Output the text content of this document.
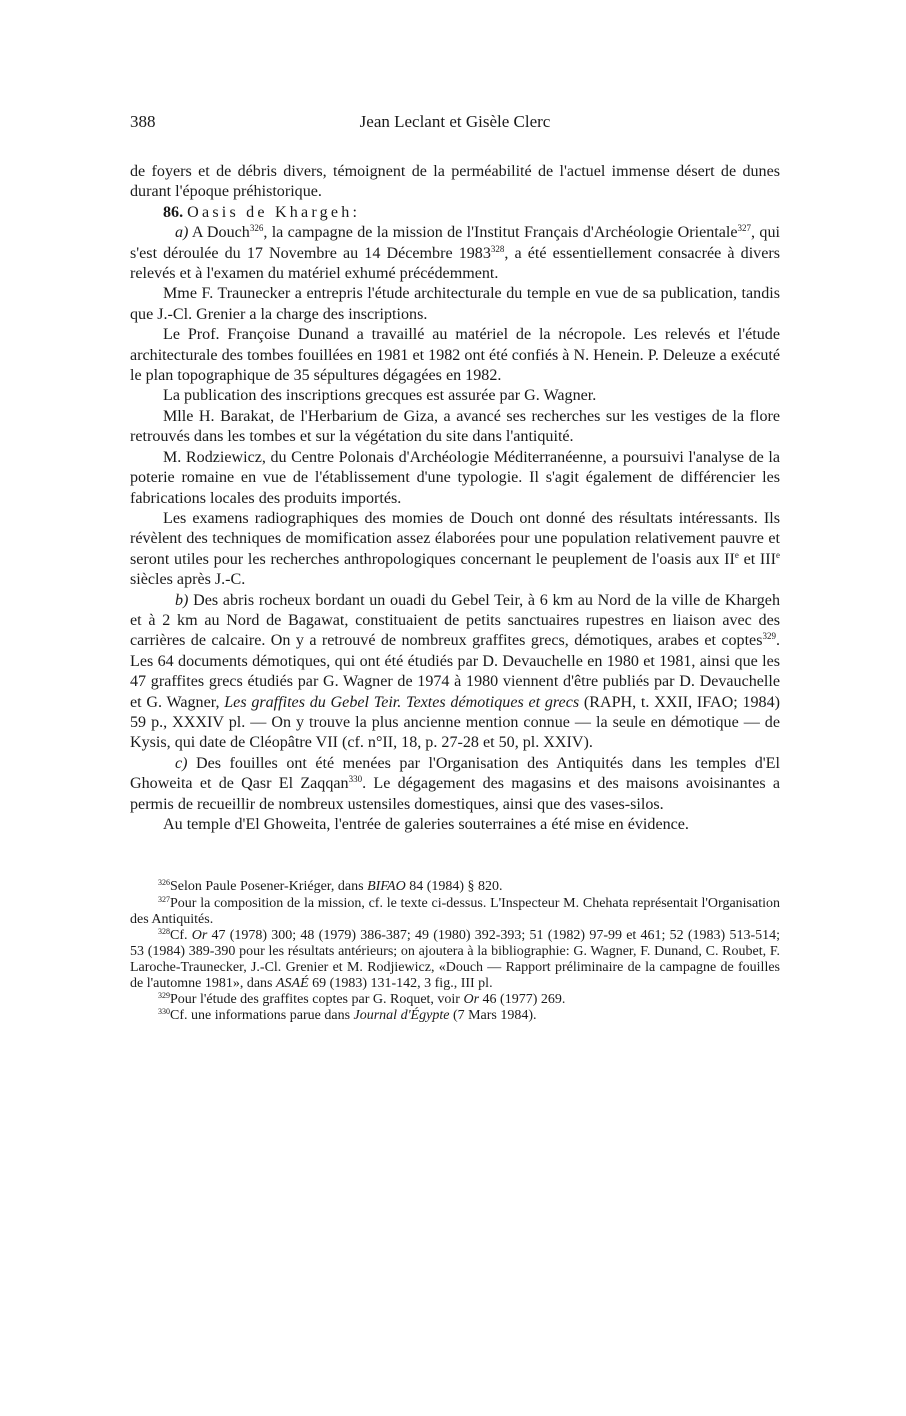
388	Jean Leclant et Gisèle Clerc

de foyers et de débris divers, témoignent de la perméabilité de l'actuel immense désert de dunes durant l'époque préhistorique.

86. Oasis de Khargeh:

a) A Douch$^{326}$, la campagne de la mission de l'Institut Français d'Archéologie Orientale$^{327}$, qui s'est déroulée du 17 Novembre au 14 Décembre 1983$^{328}$, a été essentiellement consacrée à divers relevés et à l'examen du matériel exhumé précédemment.

Mme F. Traunecker a entrepris l'étude architecturale du temple en vue de sa publication, tandis que J.-Cl. Grenier a la charge des inscriptions.

Le Prof. Françoise Dunand a travaillé au matériel de la nécropole. Les relevés et l'étude architecturale des tombes fouillées en 1981 et 1982 ont été confiés à N. Henein. P. Deleuze a exécuté le plan topographique de 35 sépultures dégagées en 1982.

La publication des inscriptions grecques est assurée par G. Wagner.

Mlle H. Barakat, de l'Herbarium de Giza, a avancé ses recherches sur les vestiges de la flore retrouvés dans les tombes et sur la végétation du site dans l'antiquité.

M. Rodziewicz, du Centre Polonais d'Archéologie Méditerranéenne, a poursuivi l'analyse de la poterie romaine en vue de l'établissement d'une typologie. Il s'agit également de différencier les fabrications locales des produits importés.

Les examens radiographiques des momies de Douch ont donné des résultats intéressants. Ils révèlent des techniques de momification assez élaborées pour une population relativement pauvre et seront utiles pour les recherches anthropologiques concernant le peuplement de l'oasis aux IIe et IIIe siècles après J.-C.

b) Des abris rocheux bordant un ouadi du Gebel Teir, à 6 km au Nord de la ville de Khargeh et à 2 km au Nord de Bagawat, constituaient de petits sanctuaires rupestres en liaison avec des carrières de calcaire. On y a retrouvé de nombreux graffites grecs, démotiques, arabes et coptes$^{329}$. Les 64 documents démotiques, qui ont été étudiés par D. Devauchelle en 1980 et 1981, ainsi que les 47 graffites grecs étudiés par G. Wagner de 1974 à 1980 viennent d'être publiés par D. Devauchelle et G. Wagner, Les graffites du Gebel Teir. Textes démotiques et grecs (RAPH, t. XXII, IFAO; 1984) 59 p., XXXIV pl. — On y trouve la plus ancienne mention connue — la seule en démotique — de Kysis, qui date de Cléopâtre VII (cf. n°II, 18, p. 27-28 et 50, pl. XXIV).

c) Des fouilles ont été menées par l'Organisation des Antiquités dans les temples d'El Ghoweita et de Qasr El Zaqqan$^{330}$. Le dégagement des magasins et des maisons avoisinantes a permis de recueillir de nombreux ustensiles domestiques, ainsi que des vases-silos.

Au temple d'El Ghoweita, l'entrée de galeries souterraines a été mise en évidence.

$^{326}$Selon Paule Posener-Kriéger, dans BIFAO 84 (1984) § 820.

$^{327}$Pour la composition de la mission, cf. le texte ci-dessus. L'Inspecteur M. Chehata représentait l'Organisation des Antiquités.

$^{328}$Cf. Or 47 (1978) 300; 48 (1979) 386-387; 49 (1980) 392-393; 51 (1982) 97-99 et 461; 52 (1983) 513-514; 53 (1984) 389-390 pour les résultats antérieurs; on ajoutera à la bibliographie: G. Wagner, F. Dunand, C. Roubet, F. Laroche-Traunecker, J.-Cl. Grenier et M. Rodjiewicz, «Douch — Rapport préliminaire de la campagne de fouilles de l'automne 1981», dans ASAÉ 69 (1983) 131-142, 3 fig., III pl.

$^{329}$Pour l'étude des graffites coptes par G. Roquet, voir Or 46 (1977) 269.

$^{330}$Cf. une informations parue dans Journal d'Égypte (7 Mars 1984).
